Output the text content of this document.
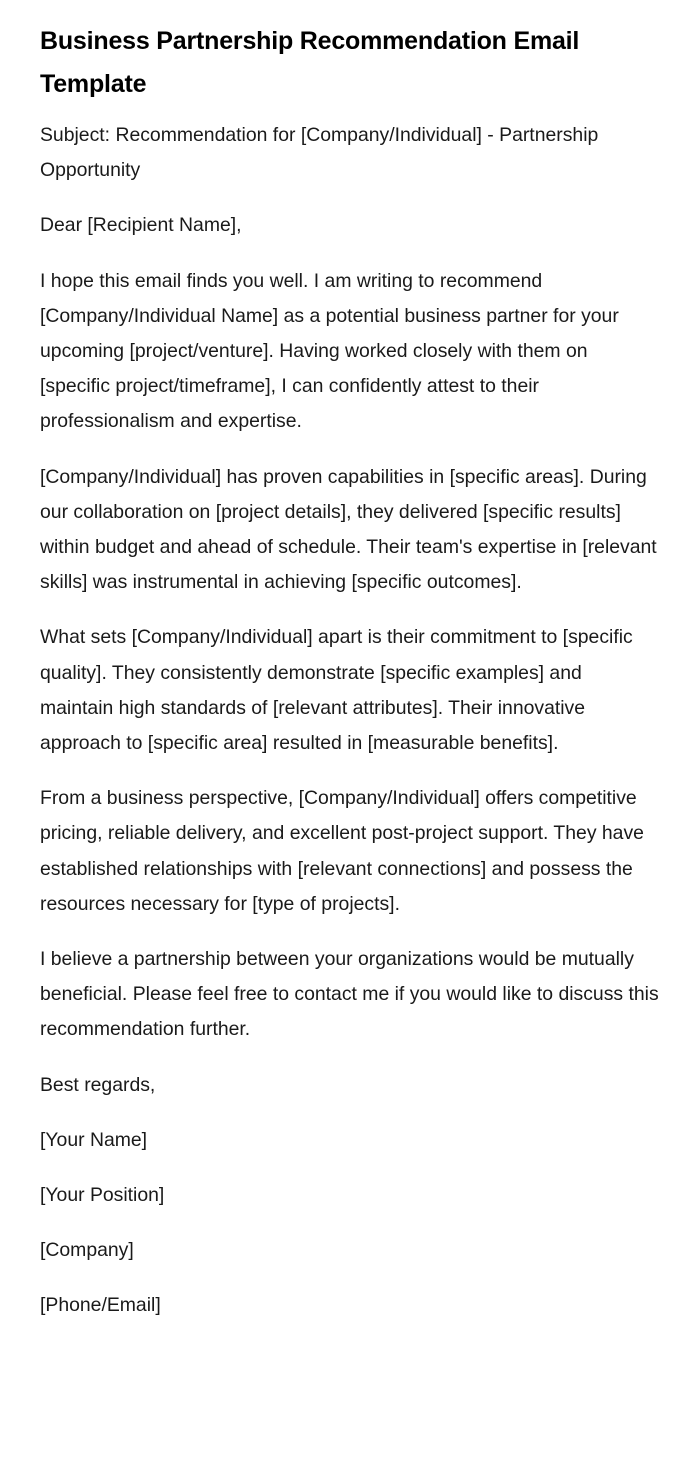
Business Partnership Recommendation Email Template

Subject: Recommendation for [Company/Individual] - Partnership Opportunity

Dear [Recipient Name],

I hope this email finds you well. I am writing to recommend [Company/Individual Name] as a potential business partner for your upcoming [project/venture]. Having worked closely with them on [specific project/timeframe], I can confidently attest to their professionalism and expertise.

[Company/Individual] has proven capabilities in [specific areas]. During our collaboration on [project details], they delivered [specific results] within budget and ahead of schedule. Their team's expertise in [relevant skills] was instrumental in achieving [specific outcomes].

What sets [Company/Individual] apart is their commitment to [specific quality]. They consistently demonstrate [specific examples] and maintain high standards of [relevant attributes]. Their innovative approach to [specific area] resulted in [measurable benefits].

From a business perspective, [Company/Individual] offers competitive pricing, reliable delivery, and excellent post-project support. They have established relationships with [relevant connections] and possess the resources necessary for [type of projects].

I believe a partnership between your organizations would be mutually beneficial. Please feel free to contact me if you would like to discuss this recommendation further.

Best regards,

[Your Name]

[Your Position]

[Company]

[Phone/Email]
